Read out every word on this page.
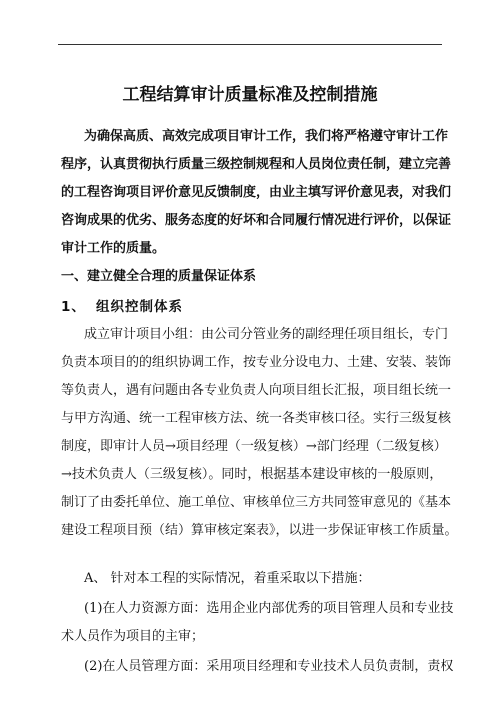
工程结算审计质量标准及控制措施
为确保高质、高效完成项目审计工作，我们将严格遵守审计工作
程序，认真贯彻执行质量三级控制规程和人员岗位责任制，建立完善
的工程咨询项目评价意见反馈制度，由业主填写评价意见表，对我们
咨询成果的优劣、服务态度的好坏和合同履行情况进行评价，以保证
审计工作的质量。
一、建立健全合理的质量保证体系
1、 组织控制体系
成立审计项目小组：由公司分管业务的副经理任项目组长，专门
负责本项目的的组织协调工作，按专业分设电力、土建、安装、装饰
等负责人，遇有问题由各专业负责人向项目组长汇报，项目组长统一
与甲方沟通、统一工程审核方法、统一各类审核口径。实行三级复核
制度，即审计人员→项目经理（一级复核）→部门经理（二级复核）
→技术负责人（三级复核）。同时，根据基本建设审核的一般原则，
制订了由委托单位、施工单位、审核单位三方共同签审意见的《基本
建设工程项目预（结）算审核定案表》，以进一步保证审核工作质量。
A、 针对本工程的实际情况，着重采取以下措施：
(1)在人力资源方面：选用企业内部优秀的项目管理人员和专业技
术人员作为项目的主审；
(2)在人员管理方面：采用项目经理和专业技术人员负责制，责权
